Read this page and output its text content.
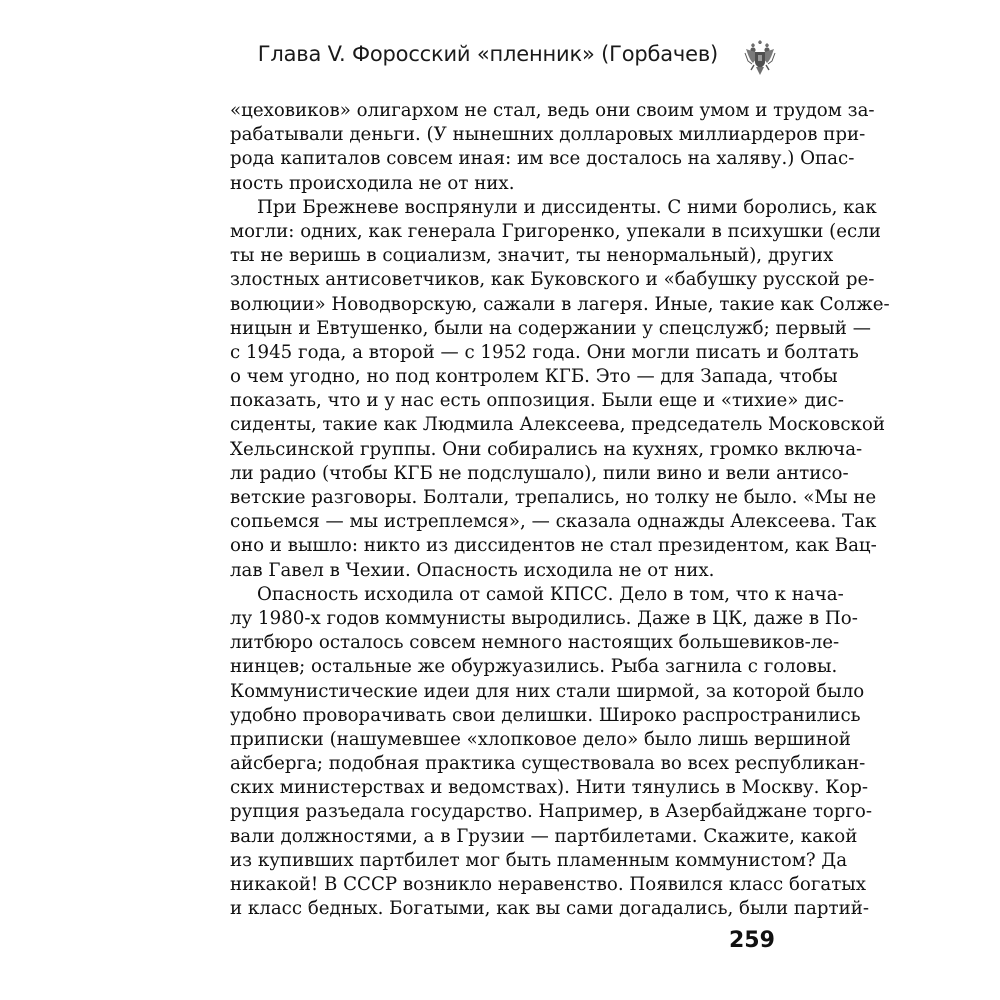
Глава V. Форосский «пленник» (Горбачев)
«цеховиков» олигархом не стал, ведь они своим умом и трудом за-
рабатывали деньги. (У нынешних долларовых миллиардеров при-
рода капиталов совсем иная: им все досталось на халяву.) Опас-
ность происходила не от них.
При Брежневе воспрянули и диссиденты. С ними боролись, как
могли: одних, как генерала Григоренко, упекали в психушки (если
ты не веришь в социализм, значит, ты ненормальный), других
злостных антисоветчиков, как Буковского и «бабушку русской ре-
волюции» Новодворскую, сажали в лагеря. Иные, такие как Солже-
ницын и Евтушенко, были на содержании у спецслужб; первый —
с 1945 года, а второй — с 1952 года. Они могли писать и болтать
о чем угодно, но под контролем КГБ. Это — для Запада, чтобы
показать, что и у нас есть оппозиция. Были еще и «тихие» дис-
сиденты, такие как Людмила Алексеева, председатель Московской
Хельсинской группы. Они собирались на кухнях, громко включа-
ли радио (чтобы КГБ не подслушало), пили вино и вели антисо-
ветские разговоры. Болтали, трепались, но толку не было. «Мы не
сопьемся — мы истреплемся», — сказала однажды Алексеева. Так
оно и вышло: никто из диссидентов не стал президентом, как Вац-
лав Гавел в Чехии. Опасность исходила не от них.
Опасность исходила от самой КПСС. Дело в том, что к нача-
лу 1980-х годов коммунисты выродились. Даже в ЦК, даже в По-
литбюро осталось совсем немного настоящих большевиков-ле-
нинцев; остальные же обуржуазились. Рыба загнила с головы.
Коммунистические идеи для них стали ширмой, за которой было
удобно проворачивать свои делишки. Широко распространились
приписки (нашумевшее «хлопковое дело» было лишь вершиной
айсберга; подобная практика существовала во всех республикан-
ских министерствах и ведомствах). Нити тянулись в Москву. Кор-
рупция разъедала государство. Например, в Азербайджане торго-
вали должностями, а в Грузии — партбилетами. Скажите, какой
из купивших партбилет мог быть пламенным коммунистом? Да
никакой! В СССР возникло неравенство. Появился класс богатых
и класс бедных. Богатыми, как вы сами догадались, были партий-
259
